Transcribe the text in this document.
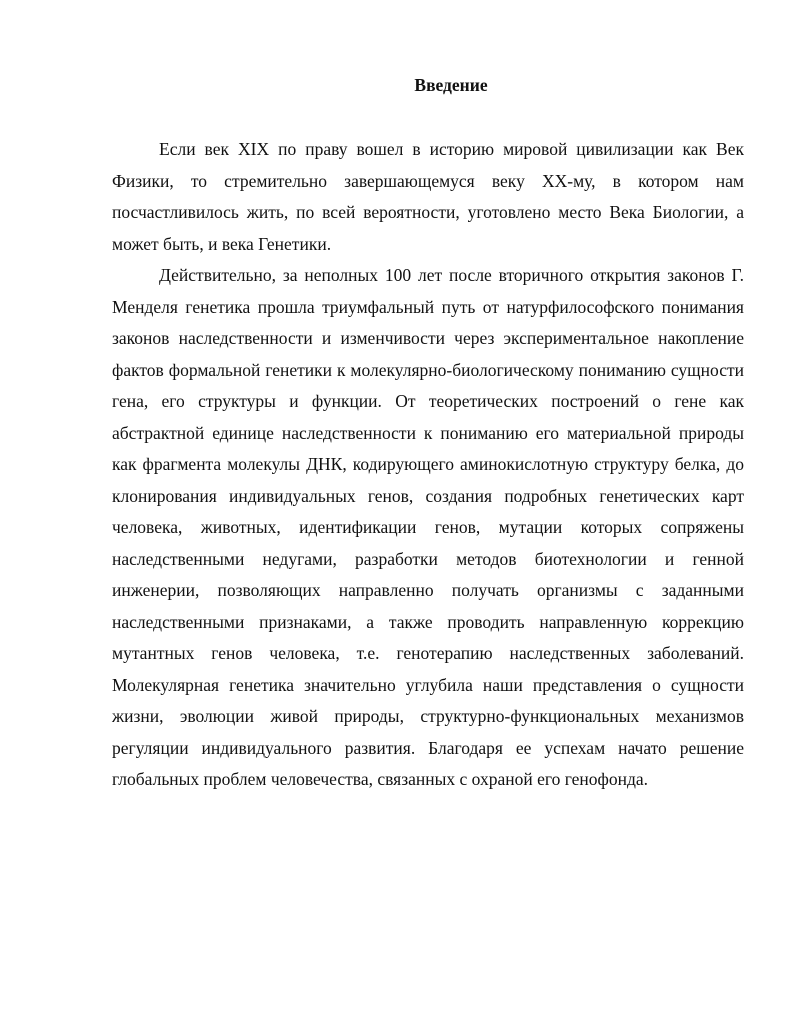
Введение

Если век XIX по праву вошел в историю мировой цивилизации как Век Физики, то стремительно завершающемуся веку XX-му, в котором нам посчастливилось жить, по всей вероятности, уготовлено место Века Биологии, а может быть, и века Генетики.

Действительно, за неполных 100 лет после вторичного открытия законов Г. Менделя генетика прошла триумфальный путь от натурфилософского понимания законов наследственности и изменчивости через экспериментальное накопление фактов формальной генетики к молекулярно-биологическому пониманию сущности гена, его структуры и функции. От теоретических построений о гене как абстрактной единице наследственности к пониманию его материальной природы как фрагмента молекулы ДНК, кодирующего аминокислотную структуру белка, до клонирования индивидуальных генов, создания подробных генетических карт человека, животных, идентификации генов, мутации которых сопряжены наследственными недугами, разработки методов биотехнологии и генной инженерии, позволяющих направленно получать организмы с заданными наследственными признаками, а также проводить направленную коррекцию мутантных генов человека, т.е. генотерапию наследственных заболеваний. Молекулярная генетика значительно углубила наши представления о сущности жизни, эволюции живой природы, структурно-функциональных механизмов регуляции индивидуального развития. Благодаря ее успехам начато решение глобальных проблем человечества, связанных с охраной его генофонда.
